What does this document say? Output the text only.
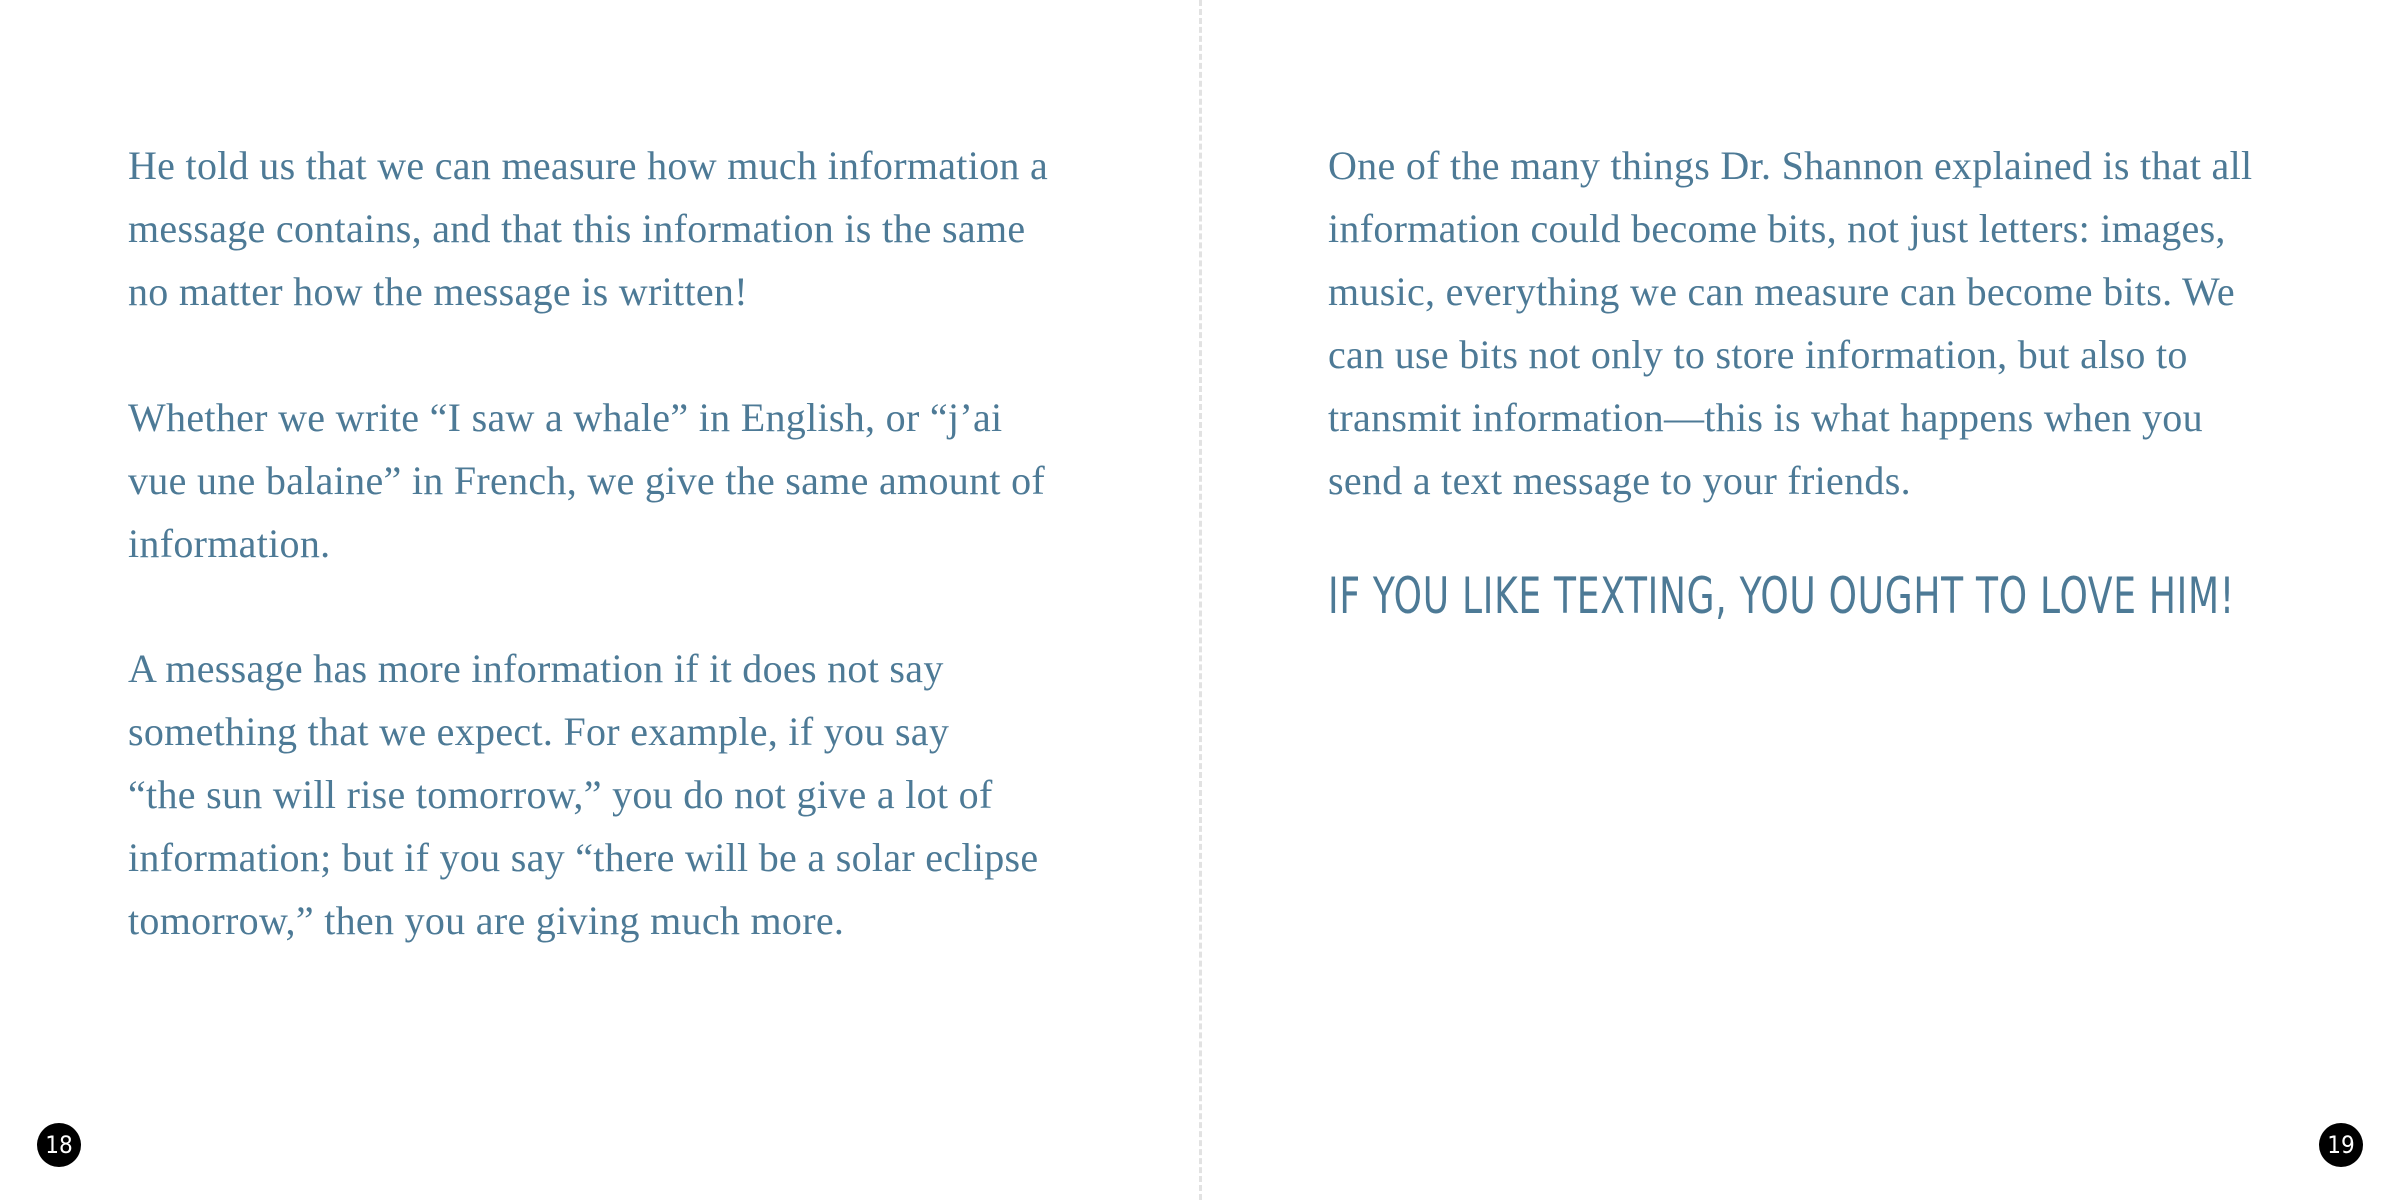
He told us that we can measure how much information a
message contains, and that this information is the same
no matter how the message is written!

Whether we write “I saw a whale” in English, or “j’ai
vue une balaine” in French, we give the same amount of
information.

A message has more information if it does not say
something that we expect. For example, if you say
“the sun will rise tomorrow,” you do not give a lot of
information; but if you say “there will be a solar eclipse
tomorrow,” then you are giving much more.

18

One of the many things Dr. Shannon explained is that all
information could become bits, not just letters: images,
music, everything we can measure can become bits. We
can use bits not only to store information, but also to
transmit information—this is what happens when you
send a text message to your friends.

IF YOU LIKE TEXTING, YOU OUGHT TO LOVE HIM!
19
